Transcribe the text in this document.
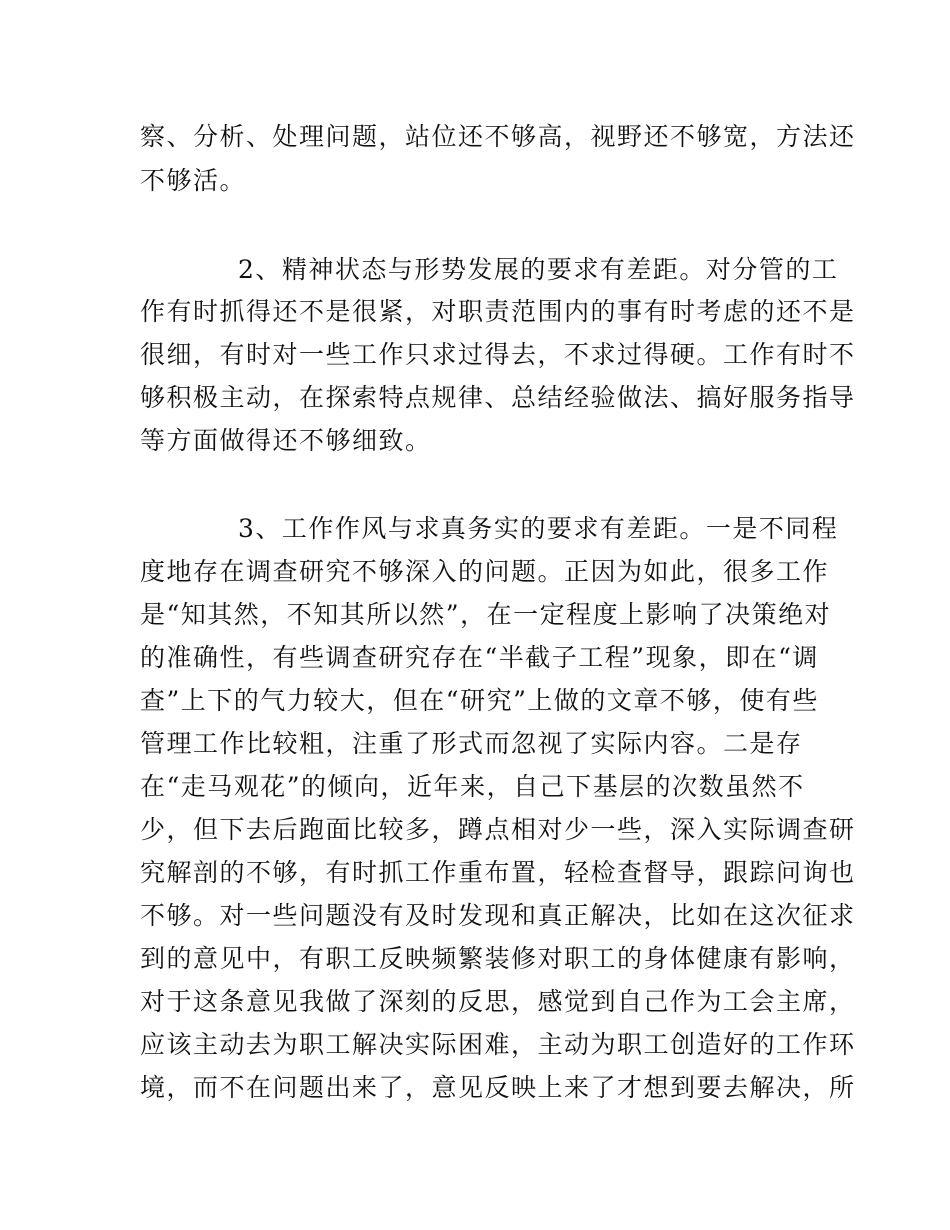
察、分析、处理问题，站位还不够高，视野还不够宽，方法还
不够活。
2、精神状态与形势发展的要求有差距。对分管的工
作有时抓得还不是很紧，对职责范围内的事有时考虑的还不是
很细，有时对一些工作只求过得去，不求过得硬。工作有时不
够积极主动，在探索特点规律、总结经验做法、搞好服务指导
等方面做得还不够细致。
3、工作作风与求真务实的要求有差距。一是不同程
度地存在调查研究不够深入的问题。正因为如此，很多工作
是“知其然，不知其所以然”，在一定程度上影响了决策绝对
的准确性，有些调查研究存在“半截子工程”现象，即在“调
查”上下的气力较大，但在“研究”上做的文章不够，使有些
管理工作比较粗，注重了形式而忽视了实际内容。二是存
在“走马观花”的倾向，近年来，自己下基层的次数虽然不
少，但下去后跑面比较多，蹲点相对少一些，深入实际调查研
究解剖的不够，有时抓工作重布置，轻检查督导，跟踪问询也
不够。对一些问题没有及时发现和真正解决，比如在这次征求
到的意见中，有职工反映频繁装修对职工的身体健康有影响，
对于这条意见我做了深刻的反思，感觉到自己作为工会主席，
应该主动去为职工解决实际困难，主动为职工创造好的工作环
境，而不在问题出来了，意见反映上来了才想到要去解决，所
